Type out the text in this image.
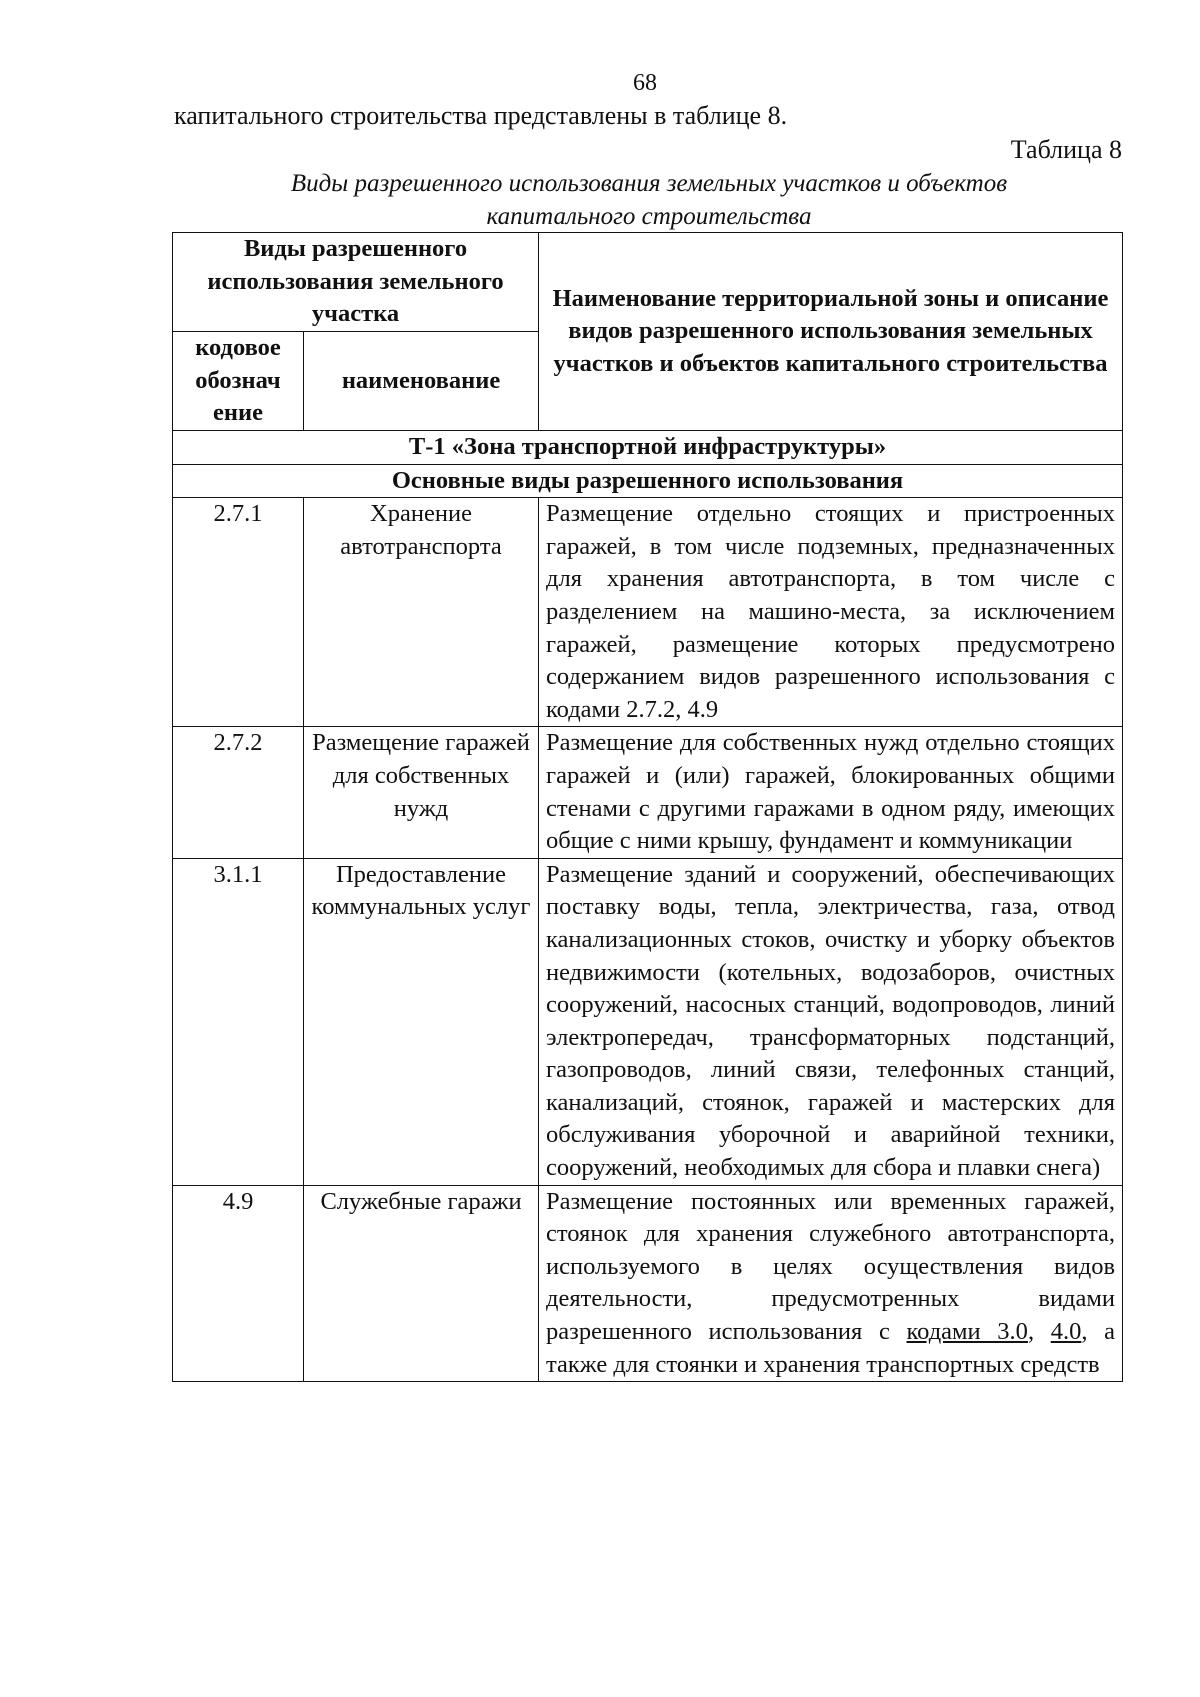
68
капитального строительства представлены в таблице 8.
Таблица 8
Виды разрешенного использования земельных участков и объектов
капитального строительства
Виды разрешенного использования земельного участка		Наименование территориальной зоны и описание видов разрешенного использования земельных участков и объектов капитального строительства
кодовое обознач ение	наименование	
Т-1 «Зона транспортной инфраструктуры»		
Основные виды разрешенного использования		
2.7.1	Хранение автотранспорта	Размещение отдельно стоящих и пристроенных гаражей, в том числе подземных, предназначенных для хранения автотранспорта, в том числе с разделением на машино-места, за исключением гаражей, размещение которых предусмотрено содержанием видов разрешенного использования с кодами 2.7.2, 4.9
2.7.2	Размещение гаражей для собственных нужд	Размещение для собственных нужд отдельно стоящих гаражей и (или) гаражей, блокированных общими стенами с другими гаражами в одном ряду, имеющих общие с ними крышу, фундамент и коммуникации
3.1.1	Предоставление коммунальных услуг	Размещение зданий и сооружений, обеспечивающих поставку воды, тепла, электричества, газа, отвод канализационных стоков, очистку и уборку объектов недвижимости (котельных, водозаборов, очистных сооружений, насосных станций, водопроводов, линий электропередач, трансформаторных подстанций, газопроводов, линий связи, телефонных станций, канализаций, стоянок, гаражей и мастерских для обслуживания уборочной и аварийной техники, сооружений, необходимых для сбора и плавки снега)
4.9	Служебные гаражи	Размещение постоянных или временных гаражей, стоянок для хранения служебного автотранспорта, используемого в целях осуществления видов деятельности, предусмотренных видами разрешенного использования с кодами 3.0, 4.0, а также для стоянки и хранения транспортных средств
